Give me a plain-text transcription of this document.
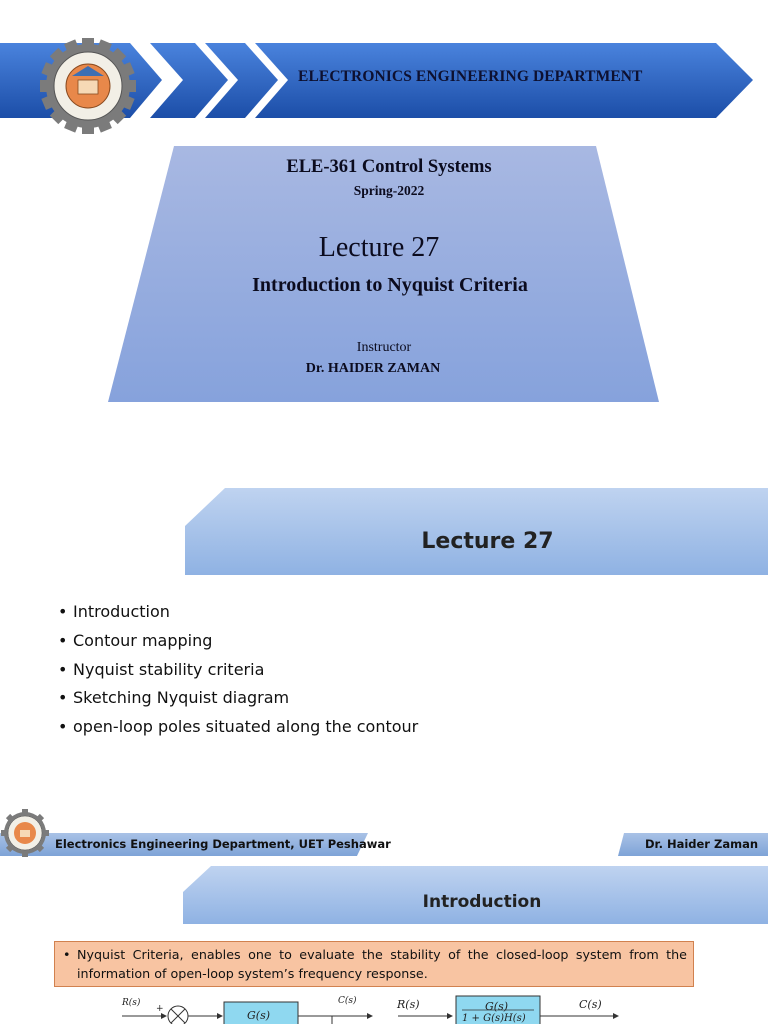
ELECTRONICS ENGINEERING DEPARTMENT
ELE-361 Control Systems
Spring-2022
Lecture 27
Introduction to Nyquist Criteria
Instructor
Dr. HAIDER ZAMAN
Lecture 27
• Introduction
• Contour mapping
• Nyquist stability criteria
• Sketching Nyquist diagram
• open-loop poles situated along the contour
Electronics Engineering Department, UET Peshawar	Dr. Haider Zaman
Introduction
• Nyquist Criteria, enables one to evaluate the stability of the closed-loop system from the information of open-loop system’s frequency response.
R(s)
+	G(s)
C(s)	R(s)	G(s)
1 + G(s)H(s)
C(s)
